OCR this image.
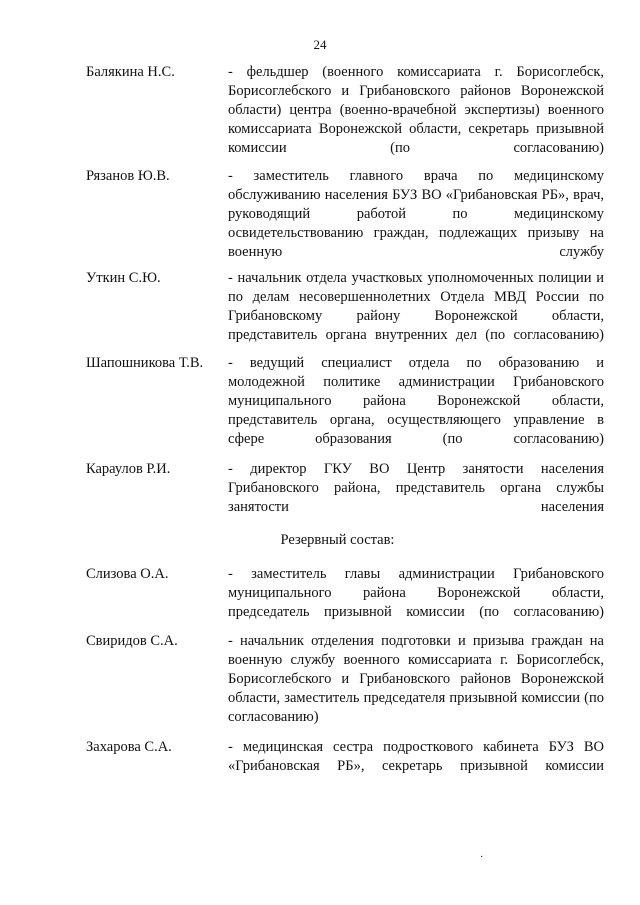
24
Балякина Н.С.	- фельдшер (военного комиссариата г. Борисоглебск, Борисоглебского и Грибановского районов Воронежской области) центра (военно-врачебной экспертизы) военного комиссариата Воронежской области, секретарь призывной комиссии (по согласованию)
Рязанов Ю.В.	- заместитель главного врача по медицинскому обслуживанию населения БУЗ ВО «Грибановская РБ», врач, руководящий работой по медицинскому освидетельствованию граждан, подлежащих призыву на военную службу
Уткин С.Ю.	- начальник отдела участковых уполномоченных полиции и по делам несовершеннолетних Отдела МВД России по Грибановскому району Воронежской области, представитель органа внутренних дел (по согласованию)
Шапошникова Т.В. - ведущий специалист отдела по образованию и молодежной политике администрации Грибановского муниципального района Воронежской области, представитель органа, осуществляющего управление в сфере образования (по согласованию)
Караулов Р.И.	- директор ГКУ ВО Центр занятости населения Грибановского района, представитель органа службы занятости населения
Резервный состав:
Слизова О.А.	- заместитель главы администрации Грибановского муниципального района Воронежской области, председатель призывной комиссии (по согласованию)
Свиридов С.А.	- начальник отделения подготовки и призыва граждан на военную службу военного комиссариата г. Борисоглебск, Борисоглебского и Грибановского районов Воронежской области, заместитель председателя призывной комиссии (по согласованию)
Захарова С.А.	- медицинская сестра подросткового кабинета БУЗ ВО «Грибановская РБ», секретарь призывной комиссии
·
